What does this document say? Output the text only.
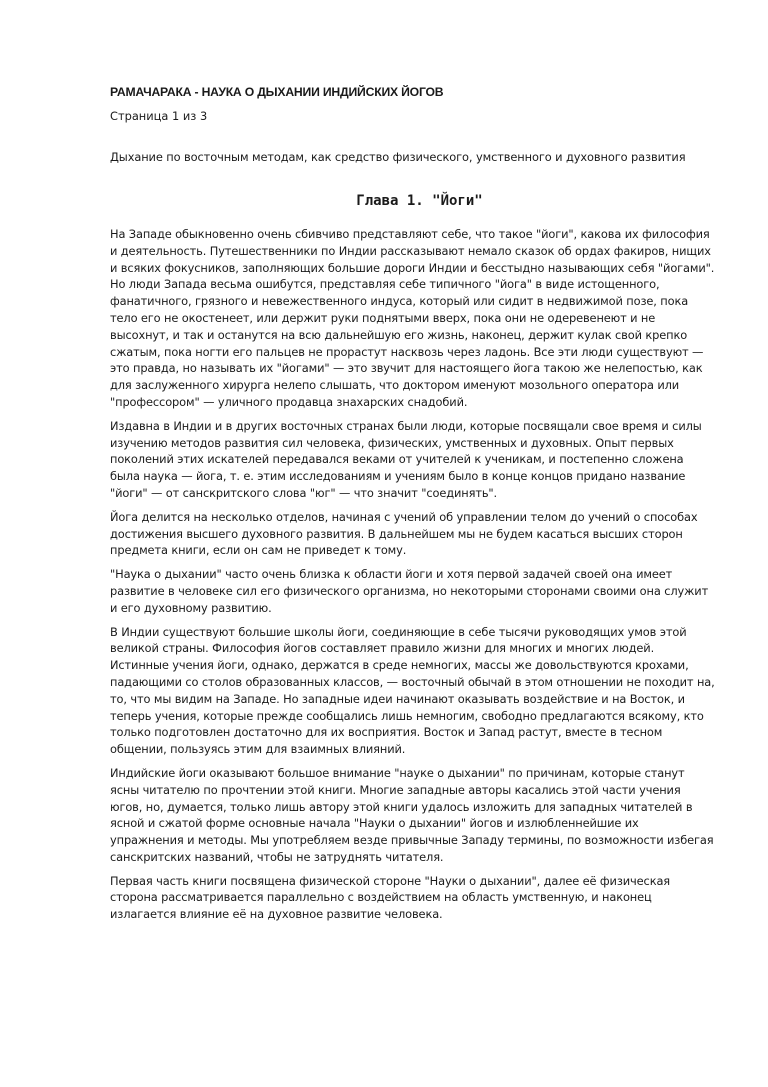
РАМАЧАРАКА - НАУКА О ДЫХАНИИ ИНДИЙСКИХ ЙОГОВ
Страница 1 из 3
Дыхание по восточным методам, как средство физического, умственного и духовного развития
Глава 1. "Йоги"

На Западе обыкновенно очень сбивчиво представляют себе, что такое "йоги", какова их философия и деятельность. Путешественники по Индии рассказывают немало сказок об ордах факиров, нищих и всяких фокусников, заполняющих большие дороги Индии и бесстыдно называющих себя "йогами". Но люди Запада весьма ошибутся, представляя себе типичного "йога" в виде истощенного, фанатичного, грязного и невежественного индуса, который или сидит в недвижимой позе, пока тело его не окостенеет, или держит руки поднятыми вверх, пока они не одеревенеют и не высохнут, и так и останутся на всю дальнейшую его жизнь, наконец, держит кулак свой крепко сжатым, пока ногти его пальцев не прорастут насквозь через ладонь. Все эти люди существуют — это правда, но называть их "йогами" — это звучит для настоящего йога такою же нелепостью, как для заслуженного хирурга нелепо слышать, что доктором именуют мозольного оператора или "профессором" — уличного продавца знахарских снадобий.

Издавна в Индии и в других восточных странах были люди, которые посвящали свое время и силы изучению методов развития сил человека, физических, умственных и духовных. Опыт первых поколений этих искателей передавался веками от учителей к ученикам, и постепенно сложена была наука — йога, т. е. этим исследованиям и учениям было в конце концов придано название "йоги" — от санскритского слова "юг" — что значит "соединять".

Йога делится на несколько отделов, начиная с учений об управлении телом до учений о способах достижения высшего духовного развития. В дальнейшем мы не будем касаться высших сторон предмета книги, если он сам не приведет к тому.

"Наука о дыхании" часто очень близка к области йоги и хотя первой задачей своей она имеет развитие в человеке сил его физического организма, но некоторыми сторонами своими она служит и его духовному развитию.

В Индии существуют большие школы йоги, соединяющие в себе тысячи руководящих умов этой великой страны. Философия йогов составляет правило жизни для многих и многих людей. Истинные учения йоги, однако, держатся в среде немногих, массы же довольствуются крохами, падающими со столов образованных классов, — восточный обычай в этом отношении не походит на, то, что мы видим на Западе. Но западные идеи начинают оказывать воздействие и на Восток, и теперь учения, которые прежде сообщались лишь немногим, свободно предлагаются всякому, кто только подготовлен достаточно для их восприятия. Восток и Запад растут, вместе в тесном общении, пользуясь этим для взаимных влияний.

Индийские йоги оказывают большое внимание "науке о дыхании" по причинам, которые станут ясны читателю по прочтении этой книги. Многие западные авторы касались этой части учения югов, но, думается, только лишь автору этой книги удалось изложить для западных читателей в ясной и сжатой форме основные начала "Науки о дыхании" йогов и излюбленнейшие их упражнения и методы. Мы употребляем везде привычные Западу термины, по возможности избегая санскритских названий, чтобы не затруднять читателя.

Первая часть книги посвящена физической стороне "Науки о дыхании", далее её физическая сторона рассматривается параллельно с воздействием на область умственную, и наконец излагается влияние её на духовное развитие человека.
